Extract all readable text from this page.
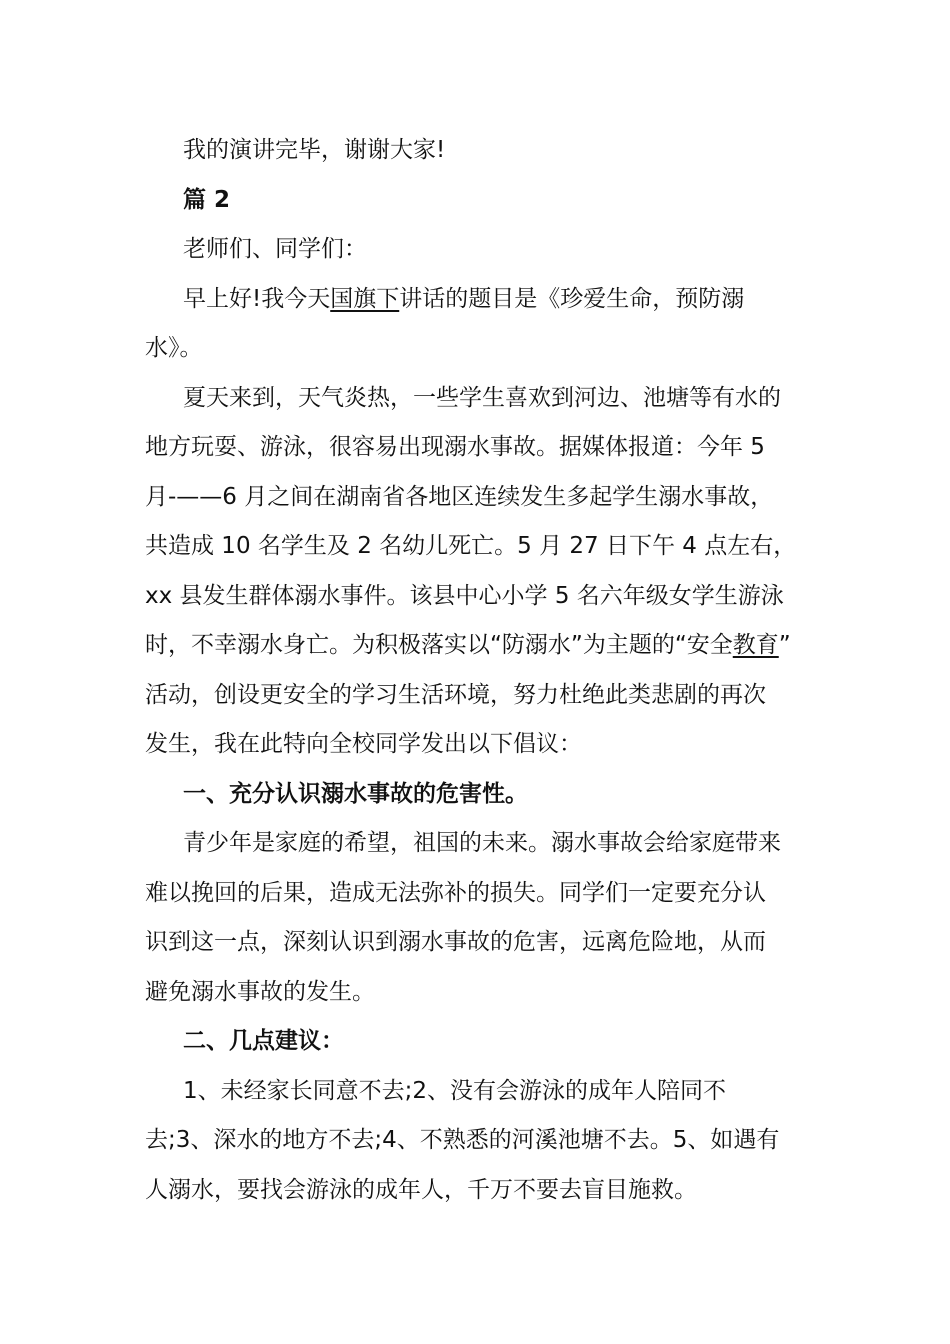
我的演讲完毕，谢谢大家!
篇 2
老师们、同学们：
早上好!我今天国旗下讲话的题目是《珍爱生命，预防溺
水》。
夏天来到，天气炎热，一些学生喜欢到河边、池塘等有水的
地方玩耍、游泳，很容易出现溺水事故。据媒体报道：今年 5
月-——6 月之间在湖南省各地区连续发生多起学生溺水事故，
共造成 10 名学生及 2 名幼儿死亡。5 月 27 日下午 4 点左右，
xx 县发生群体溺水事件。该县中心小学 5 名六年级女学生游泳
时，不幸溺水身亡。为积极落实以“防溺水”为主题的“安全教育”
活动，创设更安全的学习生活环境，努力杜绝此类悲剧的再次
发生，我在此特向全校同学发出以下倡议：
一、充分认识溺水事故的危害性。
青少年是家庭的希望，祖国的未来。溺水事故会给家庭带来
难以挽回的后果，造成无法弥补的损失。同学们一定要充分认
识到这一点，深刻认识到溺水事故的危害，远离危险地，从而
避免溺水事故的发生。
二、几点建议：
1、未经家长同意不去;2、没有会游泳的成年人陪同不
去;3、深水的地方不去;4、不熟悉的河溪池塘不去。5、如遇有
人溺水，要找会游泳的成年人，千万不要去盲目施救。
